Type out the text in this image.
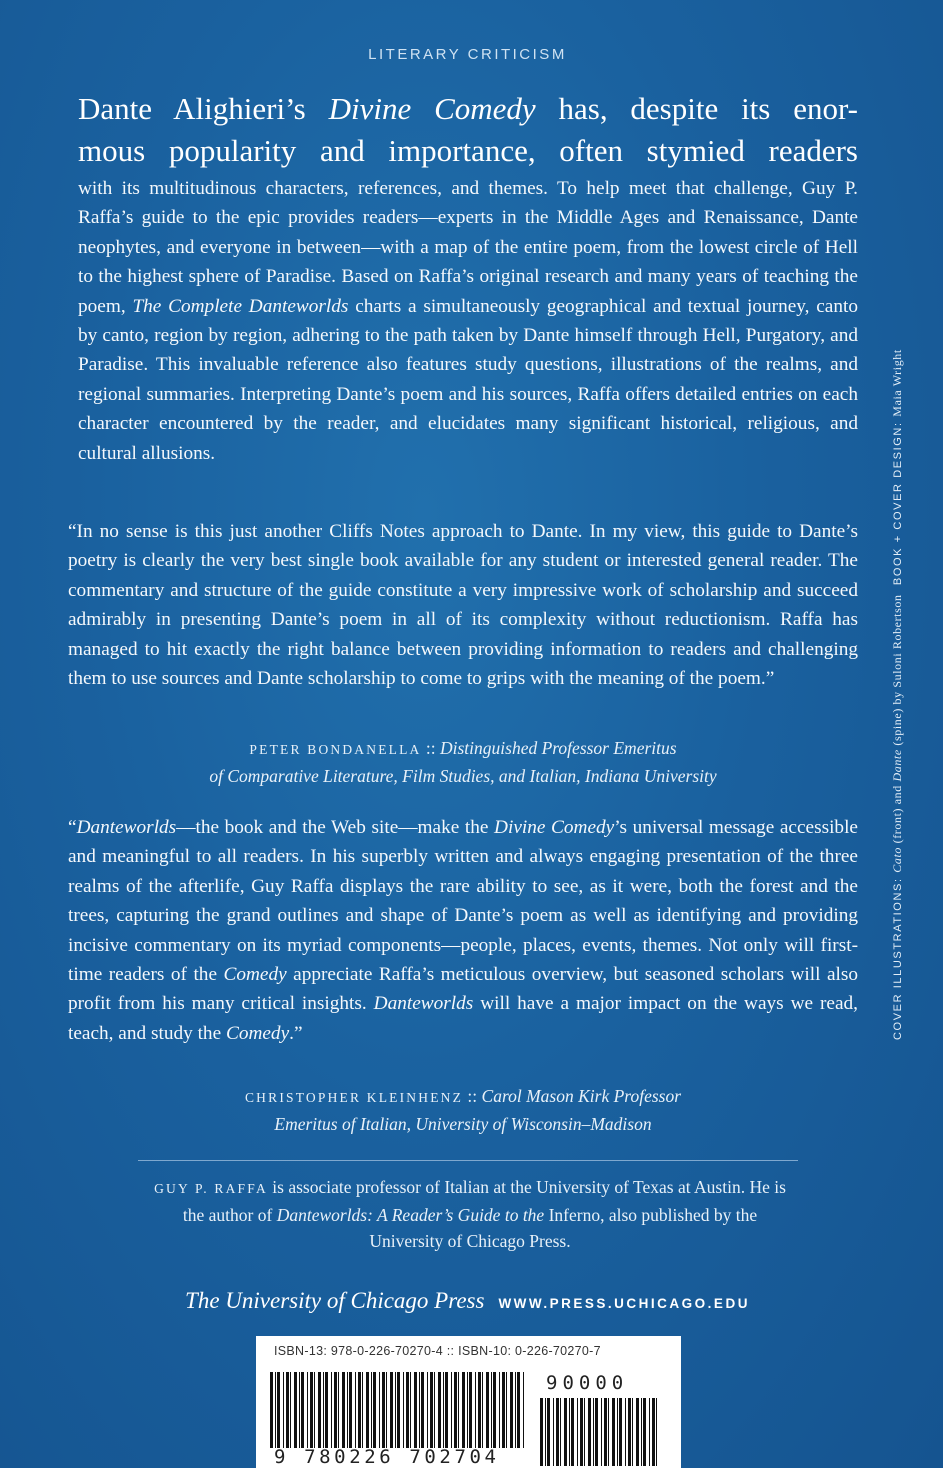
LITERARY CRITICISM
Dante Alighieri’s Divine Comedy has, despite its enor-
mous popularity and importance, often stymied readers
with its multitudinous characters, references, and themes. To help meet that challenge, Guy P. Raffa’s guide to the epic provides readers—experts in the Middle Ages and Renaissance, Dante neophytes, and everyone in between—with a map of the entire poem, from the lowest circle of Hell to the highest sphere of Paradise. Based on Raffa’s original research and many years of teaching the poem, The Complete Danteworlds charts a simultaneously geographical and textual journey, canto by canto, region by region, adhering to the path taken by Dante himself through Hell, Purgatory, and Paradise. This invaluable reference also features study questions, illustrations of the realms, and regional summaries. Interpreting Dante’s poem and his sources, Raffa offers detailed entries on each character encountered by the reader, and elucidates many significant historical, religious, and cultural allusions.
“In no sense is this just another Cliffs Notes approach to Dante. In my view, this guide to Dante’s poetry is clearly the very best single book available for any student or interested general reader. The commentary and structure of the guide constitute a very impressive work of scholarship and succeed admirably in presenting Dante’s poem in all of its complexity without reductionism. Raffa has managed to hit exactly the right balance between providing information to readers and challenging them to use sources and Dante scholarship to come to grips with the meaning of the poem.”
PETER BONDANELLA :: Distinguished Professor Emeritus
of Comparative Literature, Film Studies, and Italian, Indiana University
“Danteworlds—the book and the Web site—make the Divine Comedy’s universal message accessible and meaningful to all readers. In his superbly written and always engaging presentation of the three realms of the afterlife, Guy Raffa displays the rare ability to see, as it were, both the forest and the trees, capturing the grand outlines and shape of Dante’s poem as well as identifying and providing incisive commentary on its myriad components—people, places, events, themes. Not only will first-time readers of the Comedy appreciate Raffa’s meticulous overview, but seasoned scholars will also profit from his many critical insights. Danteworlds will have a major impact on the ways we read, teach, and study the Comedy.”
CHRISTOPHER KLEINHENZ :: Carol Mason Kirk Professor
Emeritus of Italian, University of Wisconsin–Madison
GUY P. RAFFA is associate professor of Italian at the University of Texas at Austin. He is the author of Danteworlds: A Reader’s Guide to the Inferno, also published by the University of Chicago Press.
The University of Chicago Press WWW.PRESS.UCHICAGO.EDU
COVER ILLUSTRATIONS: Cato (front) and Dante (spine) by Suloni Robertson  BOOK + COVER DESIGN: Maia Wright
ISBN-13: 978-0-226-70270-4 :: ISBN-10: 0-226-70270-7
90000
9 780226 702704
